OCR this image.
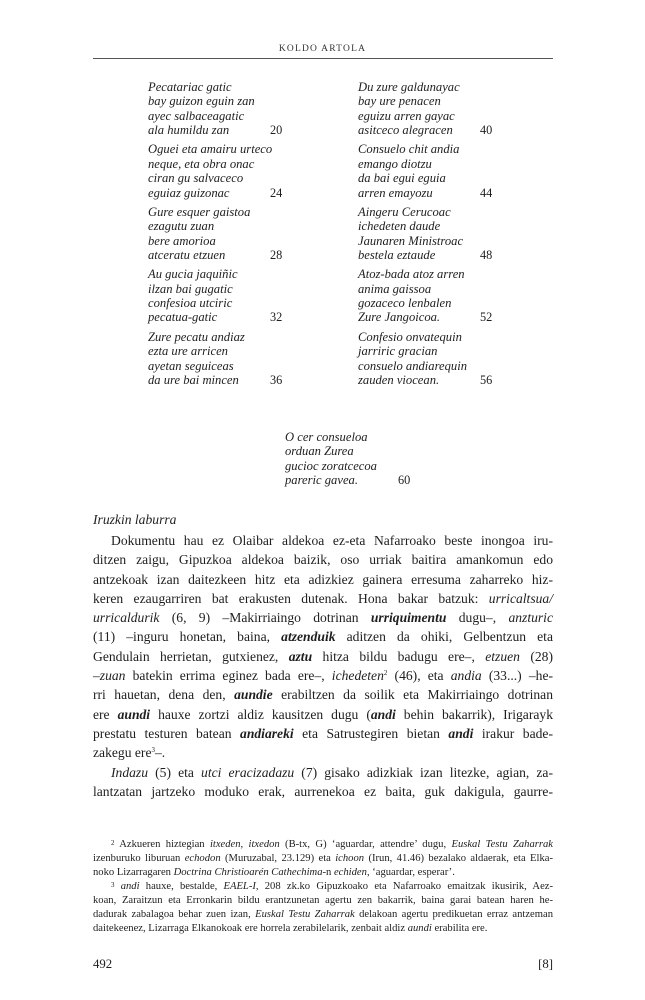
KOLDO ARTOLA
Pecatariac gatic
bay guizon eguin zan
ayec salbaceagatic
ala humildu zan	20
Oguei eta amairu urteco
neque, eta obra onac
ciran gu salvaceco
eguiaz guizonac	24
Gure esquer gaistoa
ezagutu zuan
bere amorioa
atceratu etzuen	28
Au gucia jaquiñic
ilzan bai gugatic
confesioa utciric
pecatua-gatic	32
Zure pecatu andiaz
ezta ure arricen
ayetan seguiceas
da ure bai mincen	36
Du zure galdunayac
bay ure penacen
eguizu arren gayac
asitceco alegracen	40
Consuelo chit andia
emango diotzu
da bai egui eguia
arren emayozu	44
Aingeru Cerucoac
ichedeten daude
Jaunaren Ministroac
bestela eztaude	48
Atoz-bada atoz arren
anima gaissoa
gozaceco lenbalen
Zure Jangoicoa.	52
Confesio onvatequin
jarriric gracian
consuelo andiarequin
zauden viocean.	56
O cer consueloa
orduan Zurea
gucioc zoratcecoa
pareric gavea.	60
Iruzkin laburra
Dokumentu hau ez Olaibar aldekoa ez-eta Nafarroako beste inongoa iru-
ditzen zaigu, Gipuzkoa aldekoa baizik, oso urriak baitira amankomun edo
antzekoak izan daitezkeen hitz eta adizkiez gainera erresuma zaharreko hiz-
keren ezaugarriren bat erakusten dutenak. Hona bakar batzuk: urricaltsua/
urricaldurik (6, 9) –Makirriaingo dotrinan urriquimentu dugu–, anzturic
(11) –inguru honetan, baina, atzenduik aditzen da ohiki, Gelbentzun eta
Gendulain herrietan, gutxienez, aztu hitza bildu badugu ere–, etzuen (28)
–zuan batekin errima eginez bada ere–, ichedeten$^2$ (46), eta andia (33...) –he-
rri hauetan, dena den, aundie erabiltzen da soilik eta Makirriaingo dotrinan
ere aundi hauxe zortzi aldiz kausitzen dugu (andi behin bakarrik), Irigarayk
prestatu testuren batean andiareki eta Satrustegiren bietan andi irakur bade-
zakegu ere$^3$–.
Indazu (5) eta utci eracizadazu (7) gisako adizkiak izan litezke, agian, za-
lantzatan jartzeko moduko erak, aurrenekoa ez baita, guk dakigula, gaurre-
$^2$ Azkueren hiztegian itxeden, itxedon (B-tx, G) ‘aguardar, attendre’ dugu, Euskal Testu Zaharrak
izenburuko liburuan echodon (Muruzabal, 23.129) eta ichoon (Irun, 41.46) bezalako aldaerak, eta Elka-
noko Lizarragaren Doctrina Christioarén Cathechima-n echiden, ‘aguardar, esperar’.
$^3$ andi hauxe, bestalde, EAEL-I, 208 zk.ko Gipuzkoako eta Nafarroako emaitzak ikusirik, Aez-
koan, Zaraitzun eta Erronkarin bildu erantzunetan agertu zen bakarrik, baina garai batean haren he-
dadurak zabalagoa behar zuen izan, Euskal Testu Zaharrak delakoan agertu predikuetan erraz antzeman
daitekeenez, Lizarraga Elkanokoak ere horrela zerabilelarik, zenbait aldiz aundi erabilita ere.
492	[8]
